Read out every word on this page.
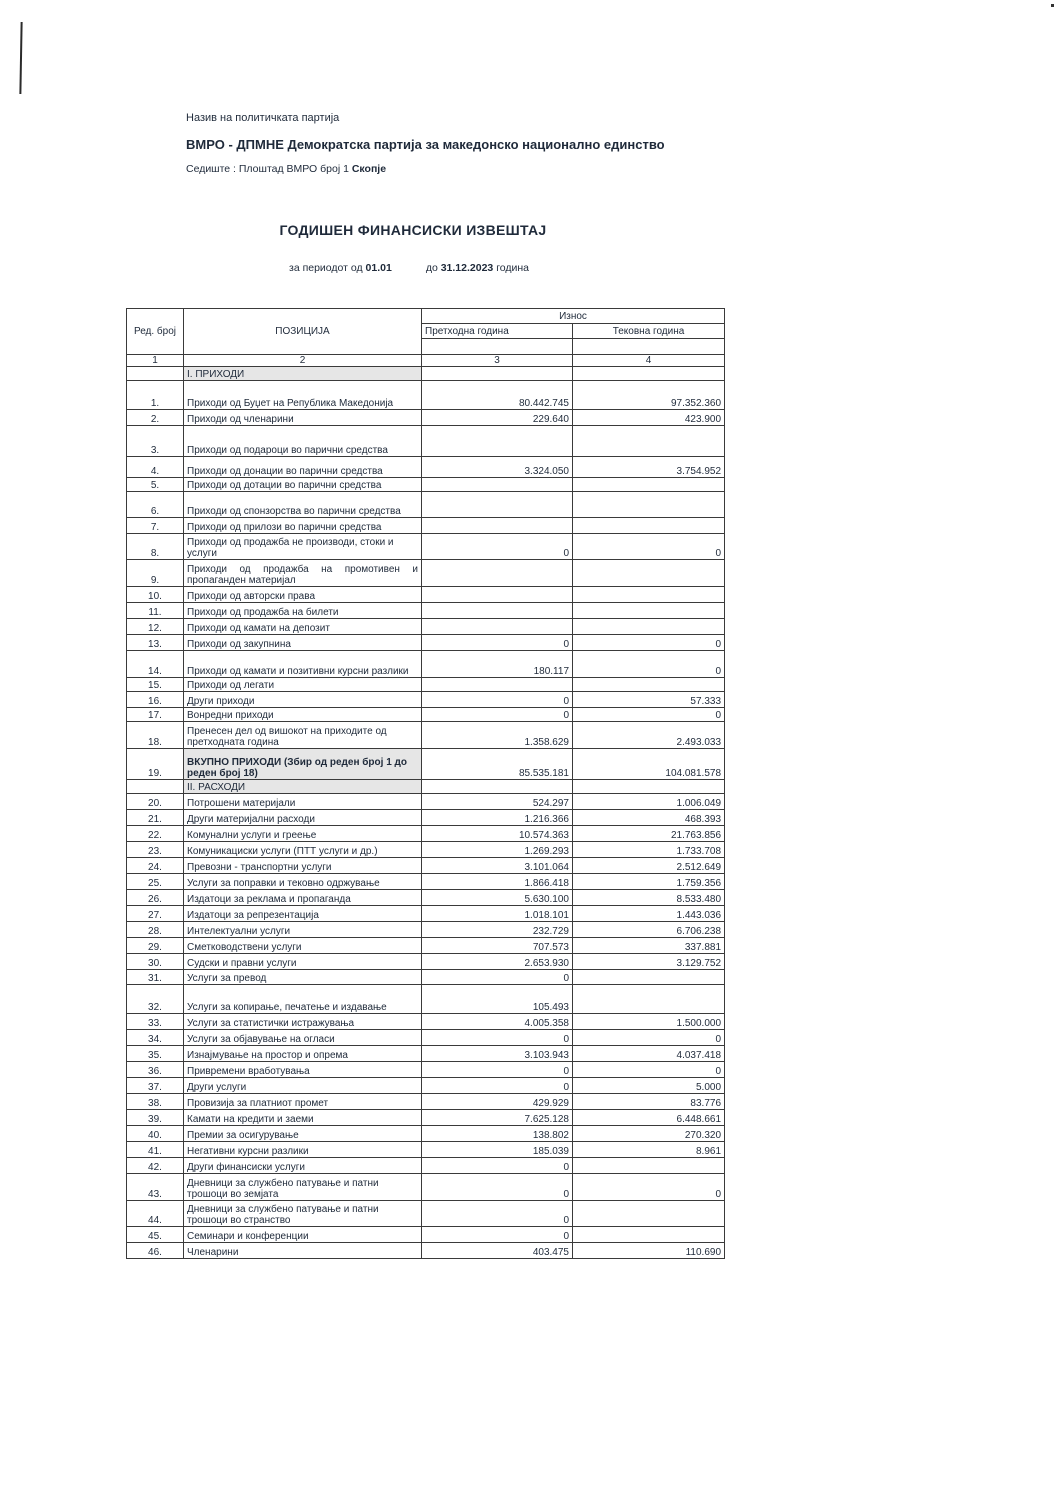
Назив на политичката партија
ВМРО - ДПМНЕ Демократска партија за македонско национално единство
Седиште : Плоштад ВМРО број 1 Скопје
ГОДИШЕН ФИНАНСИСКИ ИЗВЕШТАЈ
за периодот од 01.01	до 31.12.2023 година
Ред. број	ПОЗИЦИЈА	Износ	
		Претходна година	Тековна година

1	2	3	4
	I. ПРИХОДИ		
1.	Приходи од Буџет на Република Македонија	80.442.745	97.352.360
2.	Приходи од членарини	229.640	423.900
3.	Приходи од подароци во парични средства		
4.	Приходи од донации во парични средства	3.324.050	3.754.952
5.	Приходи од дотации во парични средства		
6.	Приходи од спонзорства во парични средства		
7.	Приходи од прилози во парични средства		
8.	Приходи од продажба не производи, стоки и услуги	0	0
9.	Приходи од продажба на промотивен и пропаганден материјал		
10.	Приходи од авторски права		
11.	Приходи од продажба на билети		
12.	Приходи од камати на депозит		
13.	Приходи од закупнина	0	0
14.	Приходи од камати и позитивни курсни разлики	180.117	0
15.	Приходи од легати		
16.	Други приходи	0	57.333
17.	Вонредни приходи	0	0
18.	Пренесен дел од вишокот на приходите од претходната година	1.358.629	2.493.033
19.	ВКУПНО ПРИХОДИ (Збир од реден број 1 до реден број 18)	85.535.181	104.081.578
	II. РАСХОДИ		
20.	Потрошени материјали	524.297	1.006.049
21.	Други материјални расходи	1.216.366	468.393
22.	Комунални услуги и греење	10.574.363	21.763.856
23.	Комуникациски услуги (ПТТ услуги и др.)	1.269.293	1.733.708
24.	Превозни - транспортни услуги	3.101.064	2.512.649
25.	Услуги за поправки и тековно одржување	1.866.418	1.759.356
26.	Издатоци за реклама и пропаганда	5.630.100	8.533.480
27.	Издатоци за репрезентација	1.018.101	1.443.036
28.	Интелектуални услуги	232.729	6.706.238
29.	Сметководствени услуги	707.573	337.881
30.	Судски и правни услуги	2.653.930	3.129.752
31.	Услуги за превод	0	
32.	Услуги за копирање, печатење и издавање	105.493	
33.	Услуги за статистички истражувања	4.005.358	1.500.000
34.	Услуги за објавување на огласи	0	0
35.	Изнајмување на простор и опрема	3.103.943	4.037.418
36.	Привремени вработувања	0	0
37.	Други услуги	0	5.000
38.	Провизија за платниот промет	429.929	83.776
39.	Камати на кредити и заеми	7.625.128	6.448.661
40.	Премии за осигурување	138.802	270.320
41.	Негативни курсни разлики	185.039	8.961
42.	Други финансиски услуги	0	
43.	Дневници за службено патување и патни трошоци во земјата	0	0
44.	Дневници за службено патување и патни трошоци во странство	0	
45.	Семинари и конференции	0	
46.	Членарини	403.475	110.690
